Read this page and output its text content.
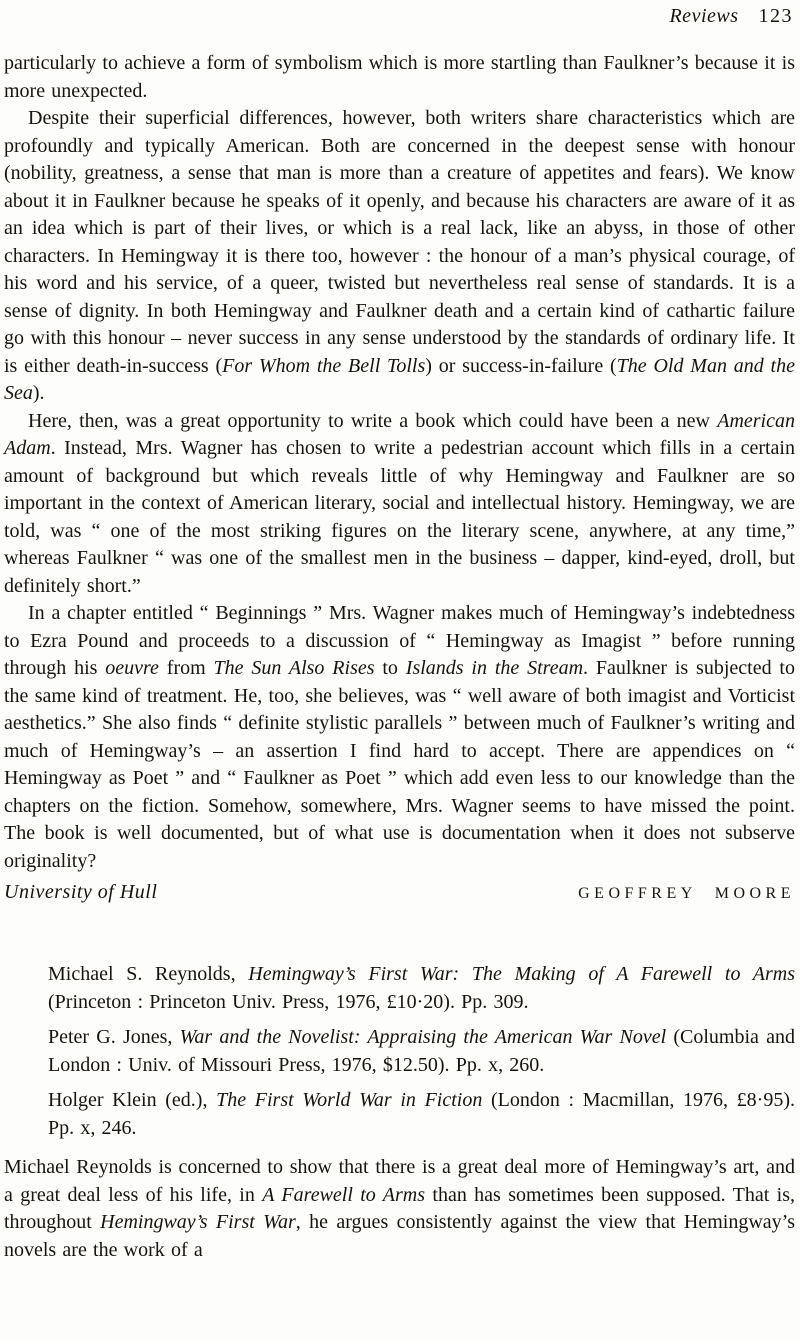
Reviews 123

particularly to achieve a form of symbolism which is more startling than Faulkner’s because it is more unexpected.

Despite their superficial differences, however, both writers share characteristics which are profoundly and typically American. Both are concerned in the deepest sense with honour (nobility, greatness, a sense that man is more than a creature of appetites and fears). We know about it in Faulkner because he speaks of it openly, and because his characters are aware of it as an idea which is part of their lives, or which is a real lack, like an abyss, in those of other characters. In Hemingway it is there too, however : the honour of a man’s physical courage, of his word and his service, of a queer, twisted but nevertheless real sense of standards. It is a sense of dignity. In both Hemingway and Faulkner death and a certain kind of cathartic failure go with this honour – never success in any sense understood by the standards of ordinary life. It is either death-in-success (For Whom the Bell Tolls) or success-in-failure (The Old Man and the Sea).

Here, then, was a great opportunity to write a book which could have been a new American Adam. Instead, Mrs. Wagner has chosen to write a pedestrian account which fills in a certain amount of background but which reveals little of why Hemingway and Faulkner are so important in the context of American literary, social and intellectual history. Hemingway, we are told, was “ one of the most striking figures on the literary scene, anywhere, at any time,” whereas Faulkner “ was one of the smallest men in the business – dapper, kind-eyed, droll, but definitely short.”

In a chapter entitled “ Beginnings ” Mrs. Wagner makes much of Hemingway’s indebtedness to Ezra Pound and proceeds to a discussion of “ Hemingway as Imagist ” before running through his oeuvre from The Sun Also Rises to Islands in the Stream. Faulkner is subjected to the same kind of treatment. He, too, she believes, was “ well aware of both imagist and Vorticist aesthetics.” She also finds “ definite stylistic parallels ” between much of Faulkner’s writing and much of Hemingway’s – an assertion I find hard to accept. There are appendices on “ Hemingway as Poet ” and “ Faulkner as Poet ” which add even less to our knowledge than the chapters on the fiction. Somehow, somewhere, Mrs. Wagner seems to have missed the point. The book is well documented, but of what use is documentation when it does not subserve originality?

University of Hull	GEOFFREY MOORE

Michael S. Reynolds, Hemingway’s First War: The Making of A Farewell to Arms (Princeton : Princeton Univ. Press, 1976, £10·20). Pp. 309.

Peter G. Jones, War and the Novelist: Appraising the American War Novel (Columbia and London : Univ. of Missouri Press, 1976, $12.50). Pp. x, 260.

Holger Klein (ed.), The First World War in Fiction (London : Macmillan, 1976, £8·95). Pp. x, 246.

Michael Reynolds is concerned to show that there is a great deal more of Hemingway’s art, and a great deal less of his life, in A Farewell to Arms than has sometimes been supposed. That is, throughout Hemingway’s First War, he argues consistently against the view that Hemingway’s novels are the work of a
